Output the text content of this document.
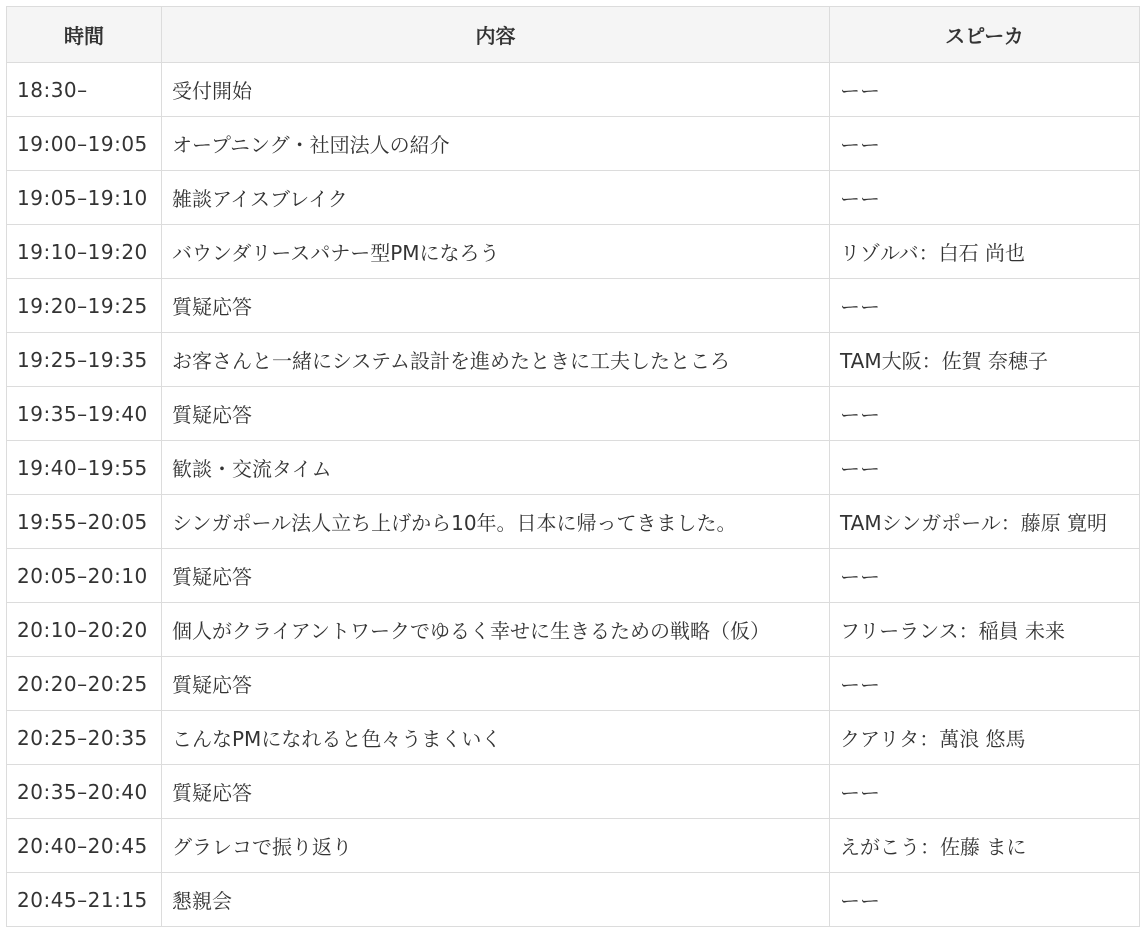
時間	内容	スピーカ
18:30–	受付開始	ーー
19:00–19:05	オープニング・社団法人の紹介	ーー
19:05–19:10	雑談アイスブレイク	ーー
19:10–19:20	バウンダリースパナー型PMになろう	リゾルバ：白石 尚也
19:20–19:25	質疑応答	ーー
19:25–19:35	お客さんと一緒にシステム設計を進めたときに工夫したところ	TAM大阪：佐賀 奈穂子
19:35–19:40	質疑応答	ーー
19:40–19:55	歓談・交流タイム	ーー
19:55–20:05	シンガポール法人立ち上げから10年。日本に帰ってきました。	TAMシンガポール：藤原 寛明
20:05–20:10	質疑応答	ーー
20:10–20:20	個人がクライアントワークでゆるく幸せに生きるための戦略（仮）	フリーランス：稲員 未来
20:20–20:25	質疑応答	ーー
20:25–20:35	こんなPMになれると色々うまくいく	クアリタ：萬浪 悠馬
20:35–20:40	質疑応答	ーー
20:40–20:45	グラレコで振り返り	えがこう：佐藤 まに
20:45–21:15	懇親会	ーー
